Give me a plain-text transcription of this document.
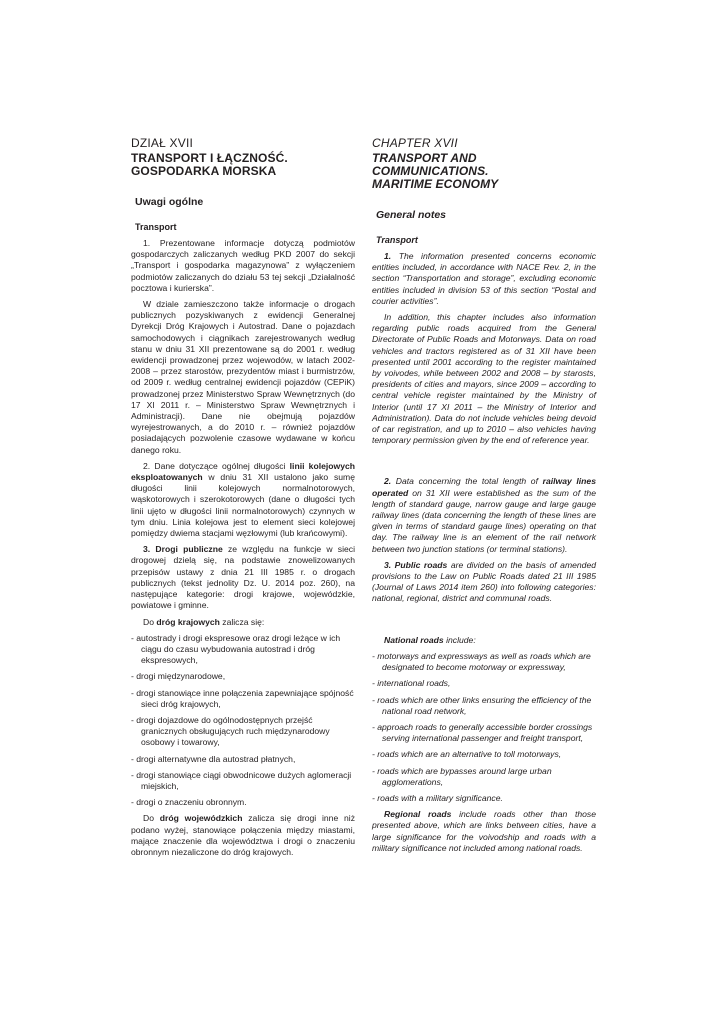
DZIAŁ XVII

TRANSPORT I ŁĄCZNOŚĆ.

GOSPODARKA MORSKA

Uwagi ogólne

Transport

1. Prezentowane informacje dotyczą podmiotów gospodarczych zaliczanych według PKD 2007 do sekcji „Transport i gospodarka magazynowa” z wyłączeniem podmiotów zaliczanych do działu 53 tej sekcji „Działalność pocztowa i kurierska”.

W dziale zamieszczono także informacje o drogach publicznych pozyskiwanych z ewidencji Generalnej Dyrekcji Dróg Krajowych i Autostrad. Dane o pojazdach samochodowych i ciągnikach zarejestrowanych według stanu w dniu 31 XII prezentowane są do 2001 r. według ewidencji prowadzonej przez wojewodów, w latach 2002-2008 – przez starostów, prezydentów miast i burmistrzów, od 2009 r. według centralnej ewidencji pojazdów (CEPiK) prowadzonej przez Ministerstwo Spraw Wewnętrznych (do 17 XI 2011 r. – Ministerstwo Spraw Wewnętrznych i Administracji). Dane nie obejmują pojazdów wyrejestrowanych, a do 2010 r. – również pojazdów posiadających pozwolenie czasowe wydawane w końcu danego roku.

2. Dane dotyczące ogólnej długości linii kolejowych eksploatowanych w dniu 31 XII ustalono jako sumę długości linii kolejowych normalnotorowych, wąskotorowych i szerokotorowych (dane o długości tych linii ujęto w długości linii normalnotorowych) czynnych w tym dniu. Linia kolejowa jest to element sieci kolejowej pomiędzy dwiema stacjami węzłowymi (lub krańcowymi).

3. Drogi publiczne ze względu na funkcje w sieci drogowej dzielą się, na podstawie znowelizowanych przepisów ustawy z dnia 21 III 1985 r. o drogach publicznych (tekst jednolity Dz. U. 2014 poz. 260), na następujące kategorie: drogi krajowe, wojewódzkie, powiatowe i gminne.

Do dróg krajowych zalicza się:

- autostrady i drogi ekspresowe oraz drogi leżące w ich ciągu do czasu wybudowania autostrad i dróg ekspresowych,
- drogi międzynarodowe,
- drogi stanowiące inne połączenia zapewniające spójność sieci dróg krajowych,
- drogi dojazdowe do ogólnodostępnych przejść granicznych obsługujących ruch międzynarodowy osobowy i towarowy,
- drogi alternatywne dla autostrad płatnych,
- drogi stanowiące ciągi obwodnicowe dużych aglomeracji miejskich,
- drogi o znaczeniu obronnym.

Do dróg wojewódzkich zalicza się drogi inne niż podano wyżej, stanowiące połączenia między miastami, mające znaczenie dla województwa i drogi o znaczeniu obronnym niezaliczone do dróg krajowych.

CHAPTER XVII

TRANSPORT AND COMMUNICATIONS.

MARITIME ECONOMY

General notes

Transport

1. The information presented concerns economic entities included, in accordance with NACE Rev. 2, in the section “Transportation and storage”, excluding economic entities included in division 53 of this section “Postal and courier activities”.

In addition, this chapter includes also information regarding public roads acquired from the General Directorate of Public Roads and Motorways. Data on road vehicles and tractors registered as of 31 XII have been presented until 2001 according to the register maintained by voivodes, while between 2002 and 2008 – by starosts, presidents of cities and mayors, since 2009 – according to central vehicle register maintained by the Ministry of Interior (until 17 XI 2011 – the Ministry of Interior and Administration). Data do not include vehicles being devoid of car registration, and up to 2010 – also vehicles having temporary permission given by the end of reference year.

2. Data concerning the total length of railway lines operated on 31 XII were established as the sum of the length of standard gauge, narrow gauge and large gauge railway lines (data concerning the length of these lines are given in terms of standard gauge lines) operating on that day. The railway line is an element of the rail network between two junction stations (or terminal stations).

3. Public roads are divided on the basis of amended provisions to the Law on Public Roads dated 21 III 1985 (Journal of Laws 2014 item 260) into following categories: national, regional, district and communal roads.

National roads include:

- motorways and expressways as well as roads which are designated to become motorway or expressway,
- international roads,
- roads which are other links ensuring the efficiency of the national road network,
- approach roads to generally accessible border crossings serving international passenger and freight transport,
- roads which are an alternative to toll motorways,
- roads which are bypasses around large urban agglomerations,
- roads with a military significance.

Regional roads include roads other than those presented above, which are links between cities, have a large significance for the voivodship and roads with a military significance not included among national roads.
